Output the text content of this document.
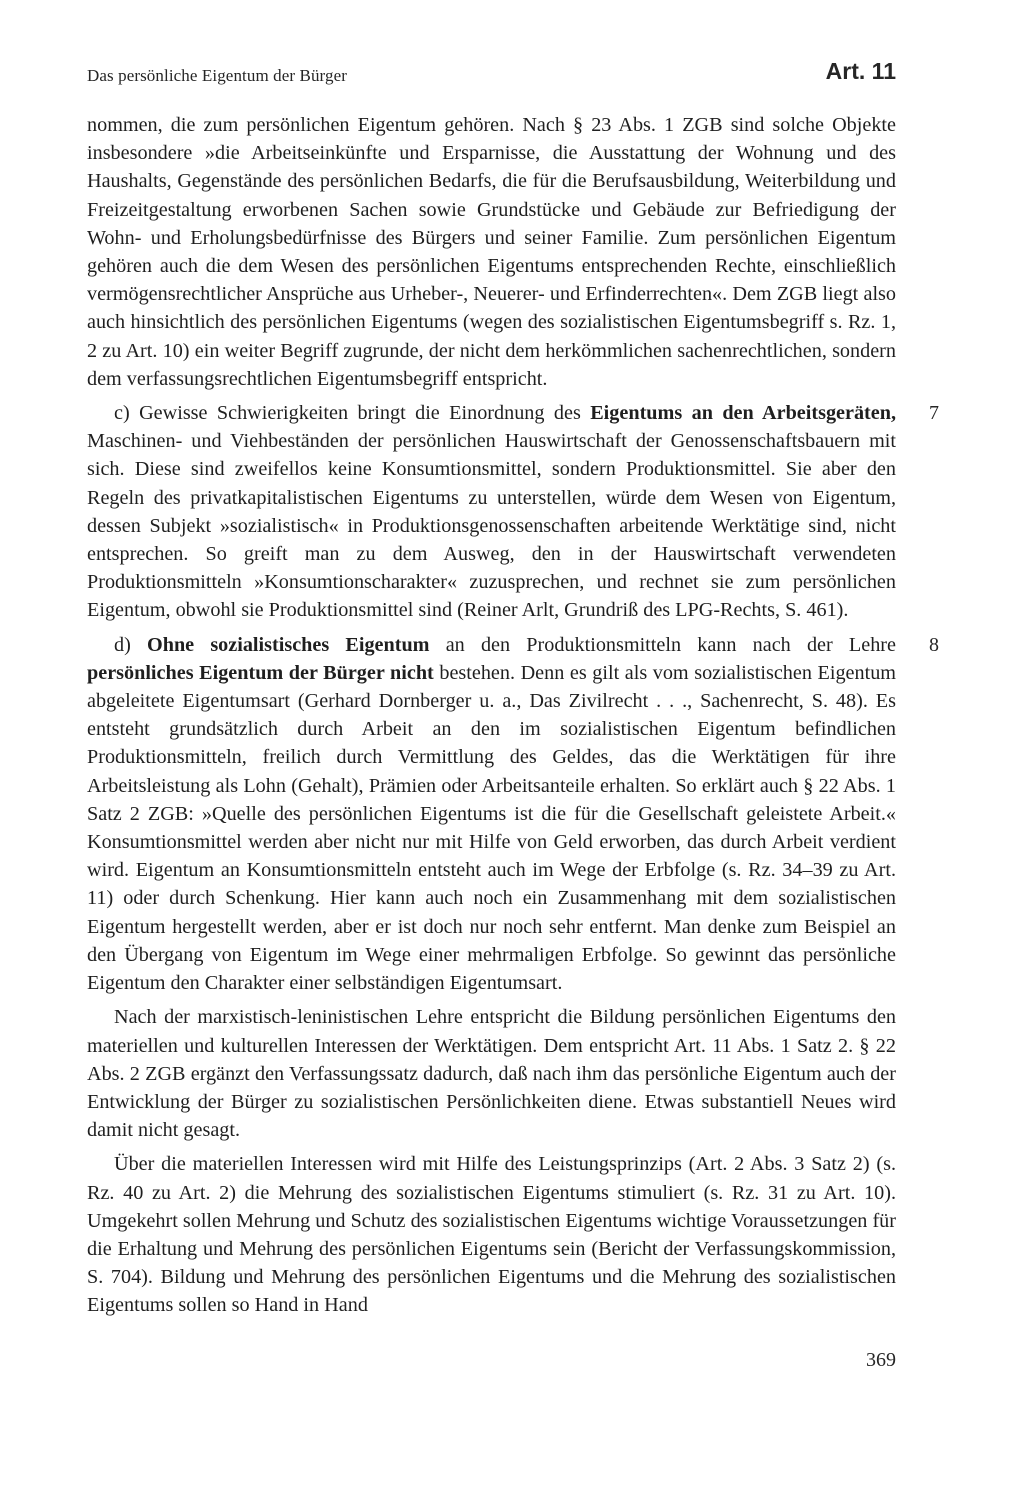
Das persönliche Eigentum der Bürger	Art. 11

nommen, die zum persönlichen Eigentum gehören. Nach § 23 Abs. 1 ZGB sind solche Objekte insbesondere »die Arbeitseinkünfte und Ersparnisse, die Ausstattung der Wohnung und des Haushalts, Gegenstände des persönlichen Bedarfs, die für die Berufsausbildung, Weiterbildung und Freizeitgestaltung erworbenen Sachen sowie Grundstücke und Gebäude zur Befriedigung der Wohn- und Erholungsbedürfnisse des Bürgers und seiner Familie. Zum persönlichen Eigentum gehören auch die dem Wesen des persönlichen Eigentums entsprechenden Rechte, einschließlich vermögensrechtlicher Ansprüche aus Urheber-, Neuerer- und Erfinderrechten«. Dem ZGB liegt also auch hinsichtlich des persönlichen Eigentums (wegen des sozialistischen Eigentumsbegriff s. Rz. 1, 2 zu Art. 10) ein weiter Begriff zugrunde, der nicht dem herkömmlichen sachenrechtlichen, sondern dem verfassungsrechtlichen Eigentumsbegriff entspricht.

7
c) Gewisse Schwierigkeiten bringt die Einordnung des Eigentums an den Arbeitsgeräten, Maschinen- und Viehbeständen der persönlichen Hauswirtschaft der Genossenschaftsbauern mit sich. Diese sind zweifellos keine Konsumtionsmittel, sondern Produktionsmittel. Sie aber den Regeln des privatkapitalistischen Eigentums zu unterstellen, würde dem Wesen von Eigentum, dessen Subjekt »sozialistisch« in Produktionsgenossenschaften arbeitende Werktätige sind, nicht entsprechen. So greift man zu dem Ausweg, den in der Hauswirtschaft verwendeten Produktionsmitteln »Konsumtionscharakter« zuzusprechen, und rechnet sie zum persönlichen Eigentum, obwohl sie Produktionsmittel sind (Reiner Arlt, Grundriß des LPG-Rechts, S. 461).

8
d) Ohne sozialistisches Eigentum an den Produktionsmitteln kann nach der Lehre persönliches Eigentum der Bürger nicht bestehen. Denn es gilt als vom sozialistischen Eigentum abgeleitete Eigentumsart (Gerhard Dornberger u. a., Das Zivilrecht . . ., Sachenrecht, S. 48). Es entsteht grundsätzlich durch Arbeit an den im sozialistischen Eigentum befindlichen Produktionsmitteln, freilich durch Vermittlung des Geldes, das die Werktätigen für ihre Arbeitsleistung als Lohn (Gehalt), Prämien oder Arbeitsanteile erhalten. So erklärt auch § 22 Abs. 1 Satz 2 ZGB: »Quelle des persönlichen Eigentums ist die für die Gesellschaft geleistete Arbeit.« Konsumtionsmittel werden aber nicht nur mit Hilfe von Geld erworben, das durch Arbeit verdient wird. Eigentum an Konsumtionsmitteln entsteht auch im Wege der Erbfolge (s. Rz. 34–39 zu Art. 11) oder durch Schenkung. Hier kann auch noch ein Zusammenhang mit dem sozialistischen Eigentum hergestellt werden, aber er ist doch nur noch sehr entfernt. Man denke zum Beispiel an den Übergang von Eigentum im Wege einer mehrmaligen Erbfolge. So gewinnt das persönliche Eigentum den Charakter einer selbständigen Eigentumsart.

Nach der marxistisch-leninistischen Lehre entspricht die Bildung persönlichen Eigentums den materiellen und kulturellen Interessen der Werktätigen. Dem entspricht Art. 11 Abs. 1 Satz 2. § 22 Abs. 2 ZGB ergänzt den Verfassungssatz dadurch, daß nach ihm das persönliche Eigentum auch der Entwicklung der Bürger zu sozialistischen Persönlichkeiten diene. Etwas substantiell Neues wird damit nicht gesagt.

Über die materiellen Interessen wird mit Hilfe des Leistungsprinzips (Art. 2 Abs. 3 Satz 2) (s. Rz. 40 zu Art. 2) die Mehrung des sozialistischen Eigentums stimuliert (s. Rz. 31 zu Art. 10). Umgekehrt sollen Mehrung und Schutz des sozialistischen Eigentums wichtige Voraussetzungen für die Erhaltung und Mehrung des persönlichen Eigentums sein (Bericht der Verfassungskommission, S. 704). Bildung und Mehrung des persönlichen Eigentums und die Mehrung des sozialistischen Eigentums sollen so Hand in Hand

369
